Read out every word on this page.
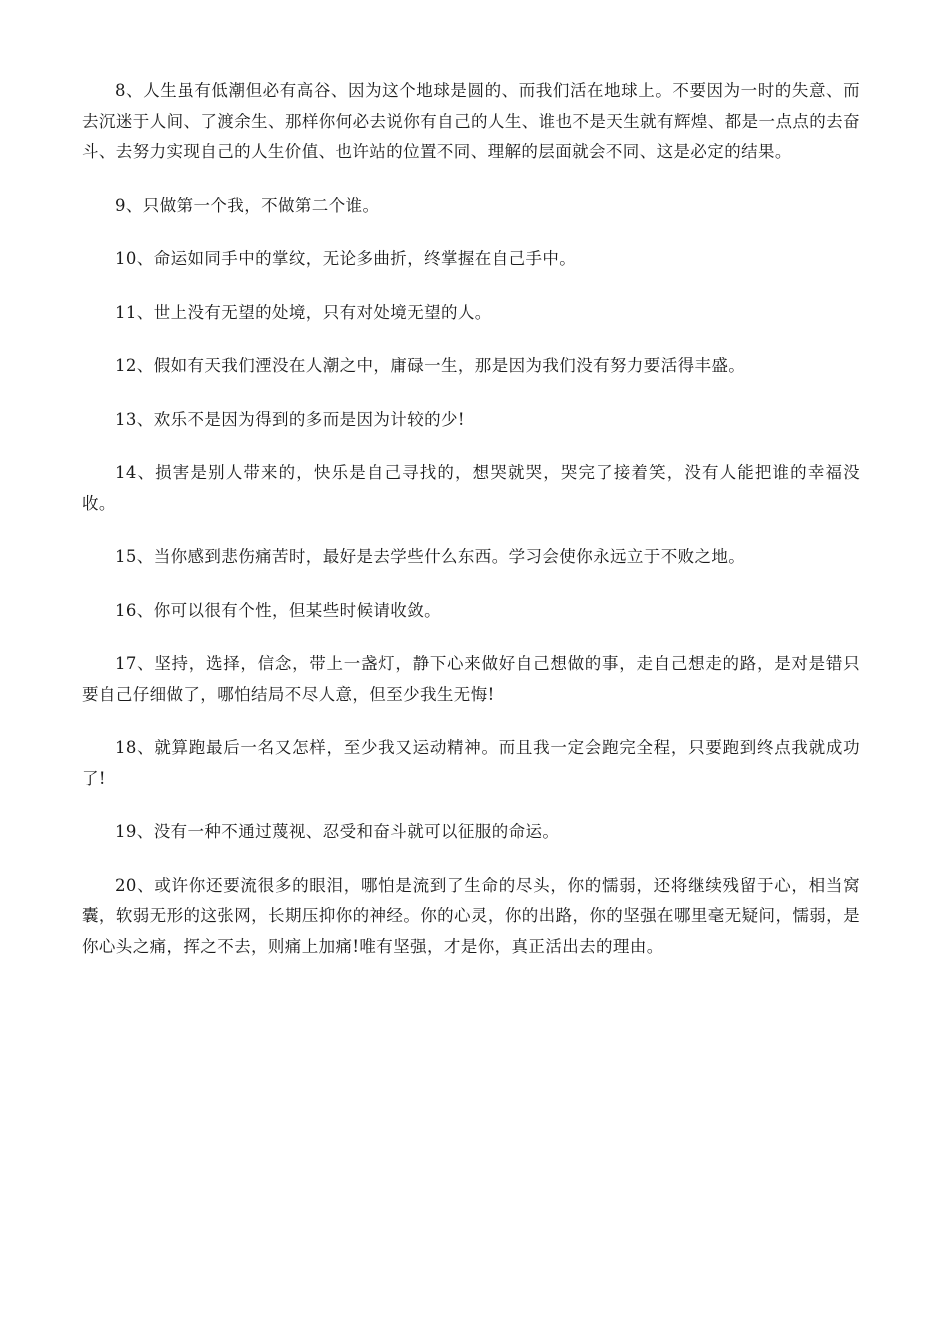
8、人生虽有低潮但必有高谷、因为这个地球是圆的、而我们活在地球上。不要因为一时的失意、而去沉迷于人间、了渡余生、那样你何必去说你有自己的人生、谁也不是天生就有辉煌、都是一点点的去奋斗、去努力实现自己的人生价值、也许站的位置不同、理解的层面就会不同、这是必定的结果。

9、只做第一个我，不做第二个谁。

10、命运如同手中的掌纹，无论多曲折，终掌握在自己手中。

11、世上没有无望的处境，只有对处境无望的人。

12、假如有天我们湮没在人潮之中，庸碌一生，那是因为我们没有努力要活得丰盛。

13、欢乐不是因为得到的多而是因为计较的少!

14、损害是别人带来的，快乐是自己寻找的，想哭就哭，哭完了接着笑，没有人能把谁的幸福没收。

15、当你感到悲伤痛苦时，最好是去学些什么东西。学习会使你永远立于不败之地。

16、你可以很有个性，但某些时候请收敛。

17、坚持，选择，信念，带上一盏灯，静下心来做好自己想做的事，走自己想走的路，是对是错只要自己仔细做了，哪怕结局不尽人意，但至少我生无悔!

18、就算跑最后一名又怎样，至少我又运动精神。而且我一定会跑完全程，只要跑到终点我就成功了!

19、没有一种不通过蔑视、忍受和奋斗就可以征服的命运。

20、或许你还要流很多的眼泪，哪怕是流到了生命的尽头，你的懦弱，还将继续残留于心，相当窝囊，软弱无形的这张网，长期压抑你的神经。你的心灵，你的出路，你的坚强在哪里毫无疑问，懦弱，是你心头之痛，挥之不去，则痛上加痛!唯有坚强，才是你，真正活出去的理由。
